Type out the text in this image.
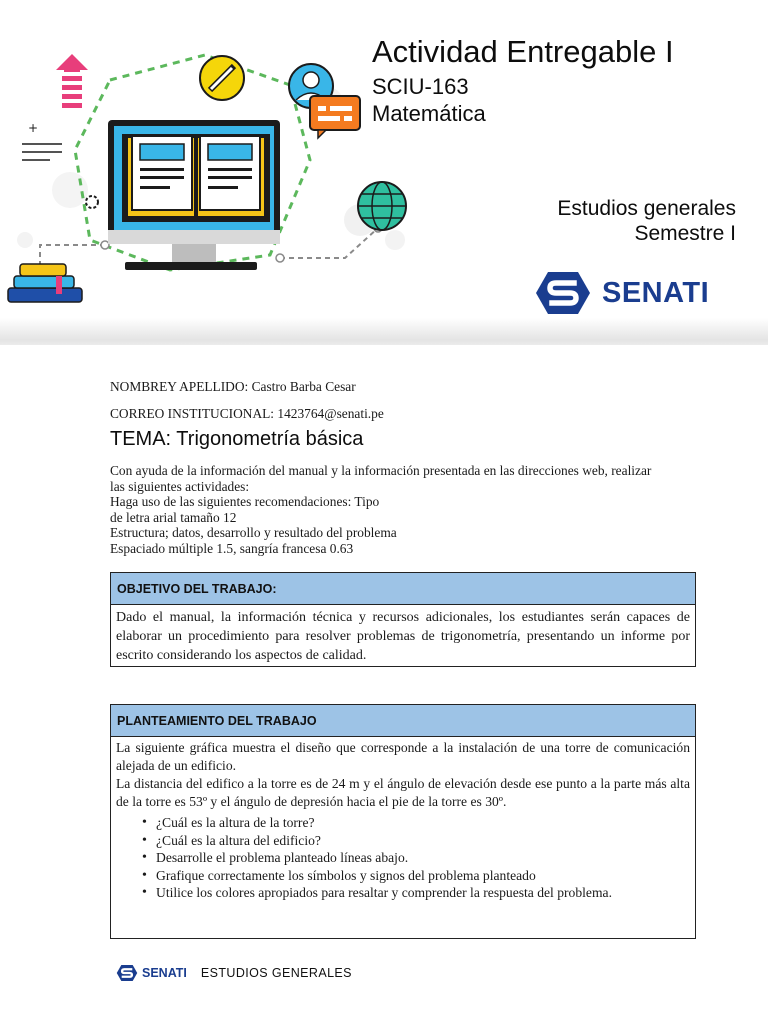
+
Actividad Entregable I
SCIU-163
Matemática
Estudios generales
Semestre I
SENATI
NOMBREY APELLIDO: Castro Barba Cesar
CORREO INSTITUCIONAL: 1423764@senati.pe
TEMA: Trigonometría básica
Con ayuda de la información del manual y la información presentada en las direcciones web, realizar
las siguientes actividades:
Haga uso de las siguientes recomendaciones: Tipo
de letra arial tamaño 12
Estructura; datos, desarrollo y resultado del problema
Espaciado múltiple 1.5, sangría francesa 0.63
OBJETIVO DEL TRABAJO:
Dado el manual, la información técnica y recursos adicionales, los estudiantes serán capaces de elaborar un procedimiento para resolver problemas de trigonometría, presentando un informe por escrito considerando los aspectos de calidad.
PLANTEAMIENTO DEL TRABAJO

La siguiente gráfica muestra el diseño que corresponde a la instalación de una torre de comunicación alejada de un edificio.

La distancia del edifico a la torre es de 24 m y el ángulo de elevación desde ese punto a la parte más alta de la torre es 53º y el ángulo de depresión hacia el pie de la torre es 30º.

• ¿Cuál es la altura de la torre?
• ¿Cuál es la altura del edificio?
• Desarrolle el problema planteado líneas abajo.
• Grafique correctamente los símbolos y signos del problema planteado
• Utilice los colores apropiados para resaltar y comprender la respuesta del problema.
SENATI ESTUDIOS GENERALES
